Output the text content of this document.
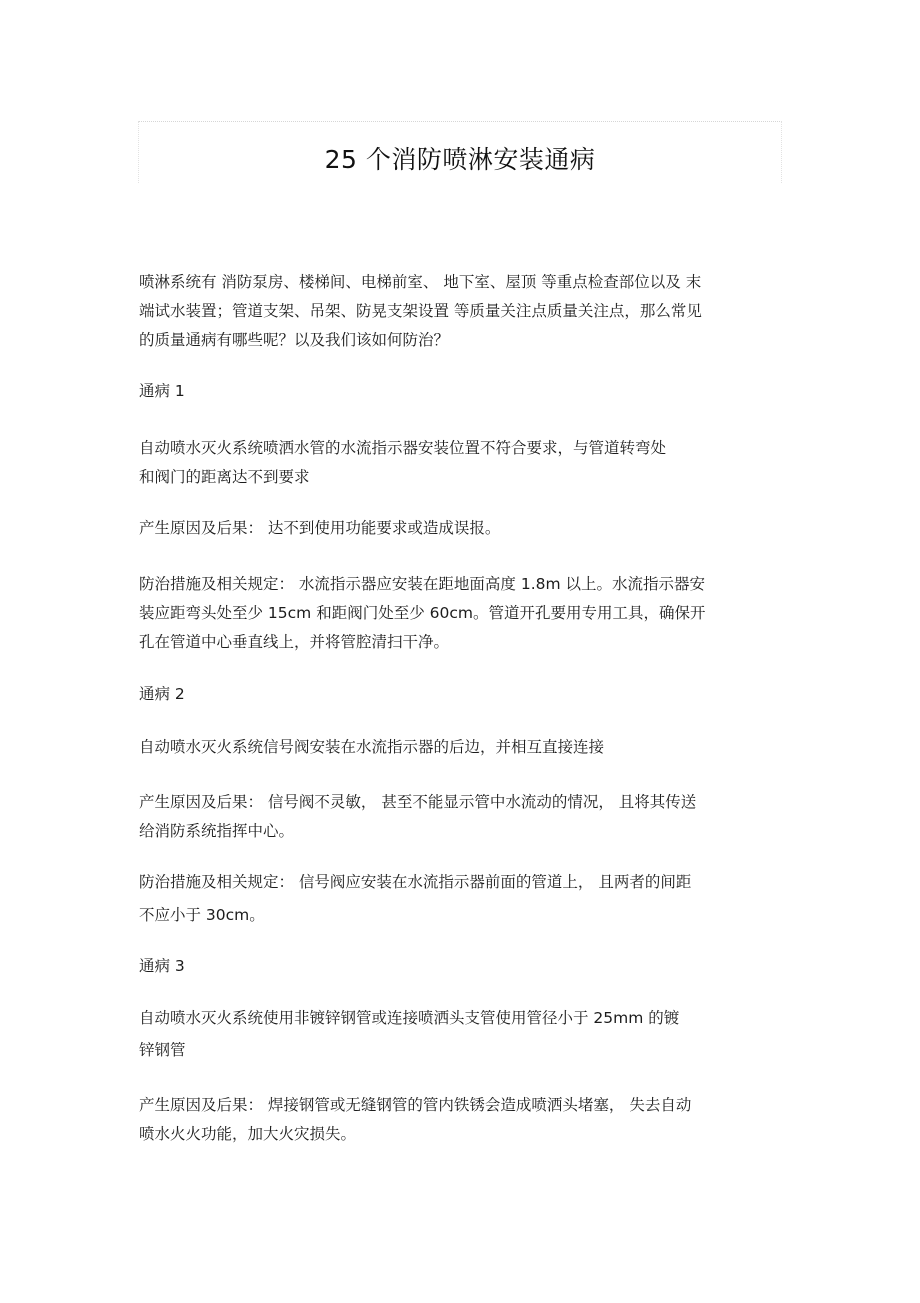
25 个消防喷淋安装通病
喷淋系统有 消防泵房、楼梯间、电梯前室、 地下室、屋顶 等重点检查部位以及 末
端试水装置；管道支架、吊架、防晃支架设置 等质量关注点质量关注点，那么常见
的质量通病有哪些呢？以及我们该如何防治？
通病 1
自动喷水灭火系统喷洒水管的水流指示器安装位置不符合要求，与管道转弯处
和阀门的距离达不到要求
产生原因及后果： 达不到使用功能要求或造成误报。
防治措施及相关规定： 水流指示器应安装在距地面高度 1.8m 以上。水流指示器安
装应距弯头处至少 15cm 和距阀门处至少 60cm。管道开孔要用专用工具，确保开
孔在管道中心垂直线上，并将管腔清扫干净。
通病 2
自动喷水灭火系统信号阀安装在水流指示器的后边，并相互直接连接
产生原因及后果： 信号阀不灵敏， 甚至不能显示管中水流动的情况， 且将其传送
给消防系统指挥中心。
防治措施及相关规定： 信号阀应安装在水流指示器前面的管道上， 且两者的间距
不应小于 30cm。
通病 3
自动喷水灭火系统使用非镀锌钢管或连接喷洒头支管使用管径小于 25mm 的镀
锌钢管
产生原因及后果： 焊接钢管或无缝钢管的管内铁锈会造成喷洒头堵塞， 失去自动
喷水火火功能，加大火灾损失。
